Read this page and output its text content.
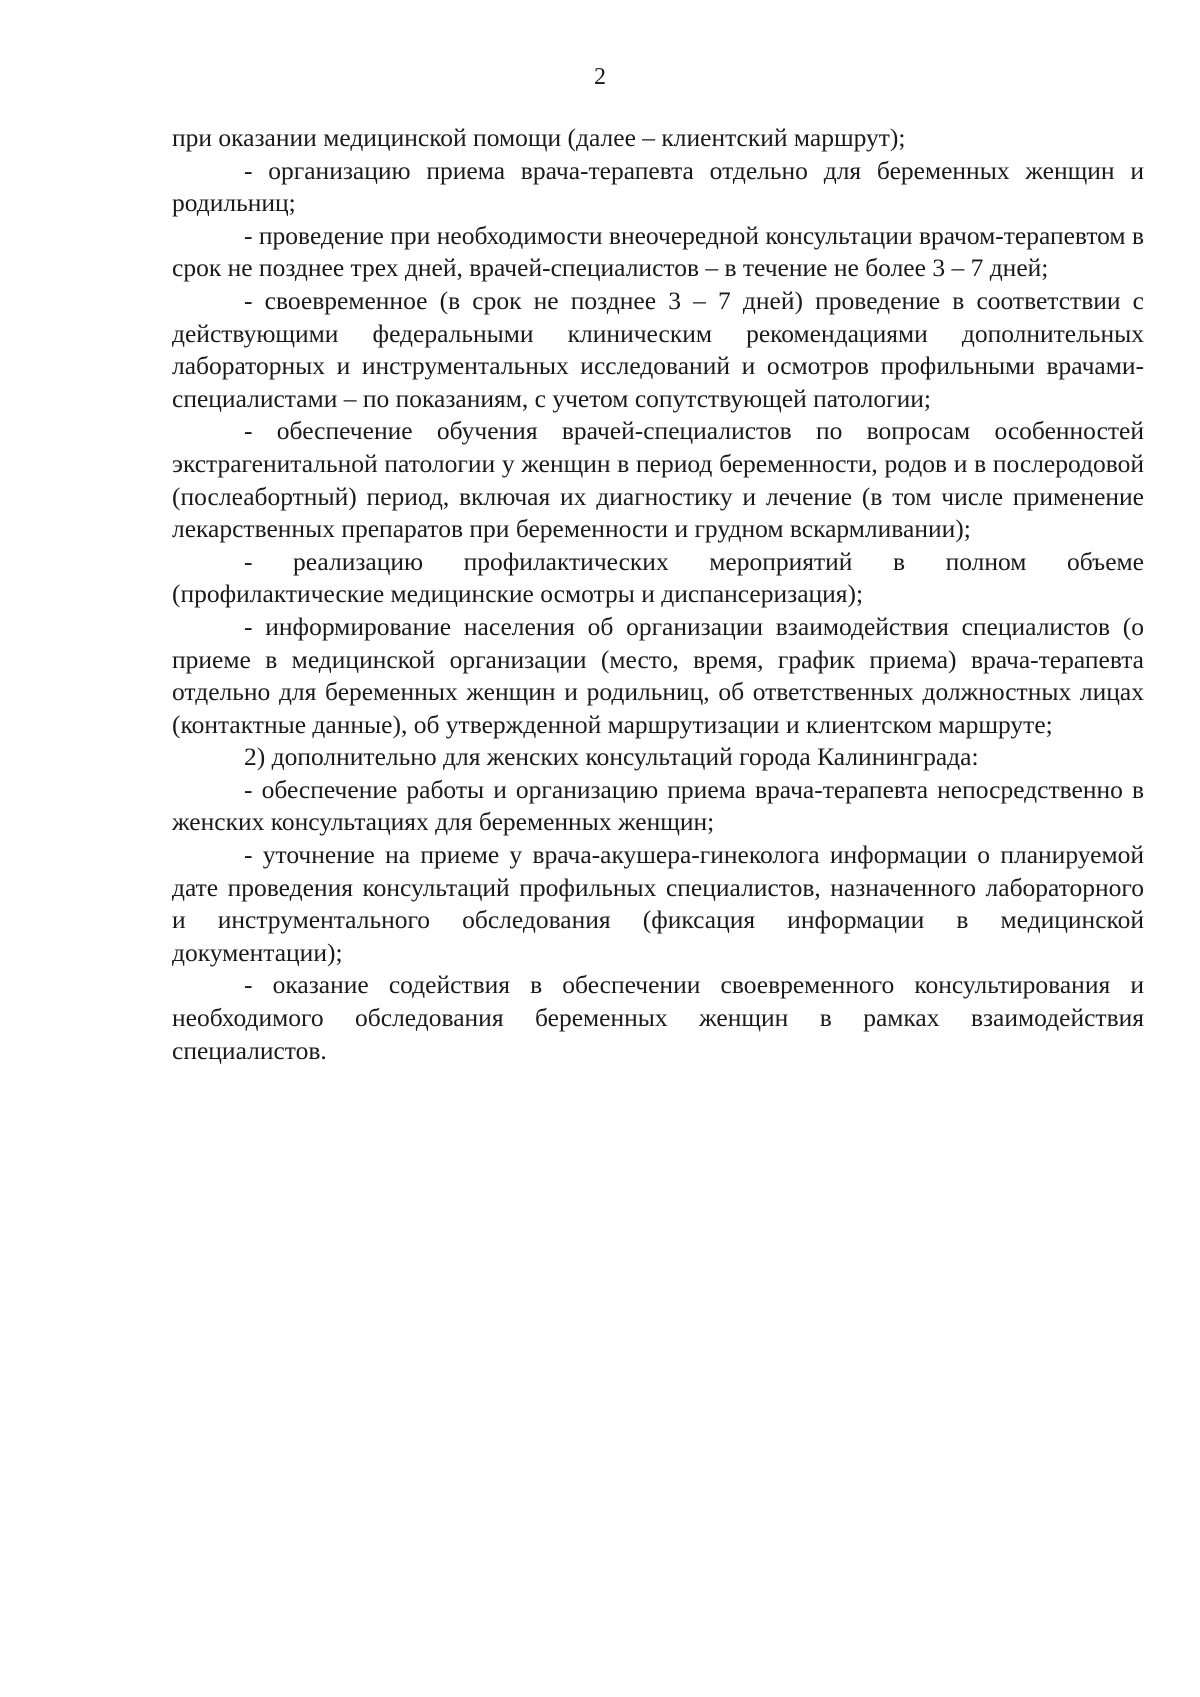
2

при оказании медицинской помощи (далее – клиентский маршрут);

- организацию приема врача-терапевта отдельно для беременных женщин и родильниц;

- проведение при необходимости внеочередной консультации врачом-терапевтом в срок не позднее трех дней, врачей-специалистов – в течение не более 3 – 7 дней;

- своевременное (в срок не позднее 3 – 7 дней) проведение в соответствии с действующими федеральными клиническим рекомендациями дополнительных лабораторных и инструментальных исследований и осмотров профильными врачами-специалистами – по показаниям, с учетом сопутствующей патологии;

- обеспечение обучения врачей-специалистов по вопросам особенностей экстрагенитальной патологии у женщин в период беременности, родов и в послеродовой (послеабортный) период, включая их диагностику и лечение (в том числе применение лекарственных препаратов при беременности и грудном вскармливании);

- реализацию профилактических мероприятий в полном объеме (профилактические медицинские осмотры и диспансеризация);

- информирование населения об организации взаимодействия специалистов (о приеме в медицинской организации (место, время, график приема) врача-терапевта отдельно для беременных женщин и родильниц, об ответственных должностных лицах (контактные данные), об утвержденной маршрутизации и клиентском маршруте;

2) дополнительно для женских консультаций города Калининграда:

- обеспечение работы и организацию приема врача-терапевта непосредственно в женских консультациях для беременных женщин;

- уточнение на приеме у врача-акушера-гинеколога информации о планируемой дате проведения консультаций профильных специалистов, назначенного лабораторного и инструментального обследования (фиксация информации в медицинской документации);

- оказание содействия в обеспечении своевременного консультирования и необходимого обследования беременных женщин в рамках взаимодействия специалистов.
